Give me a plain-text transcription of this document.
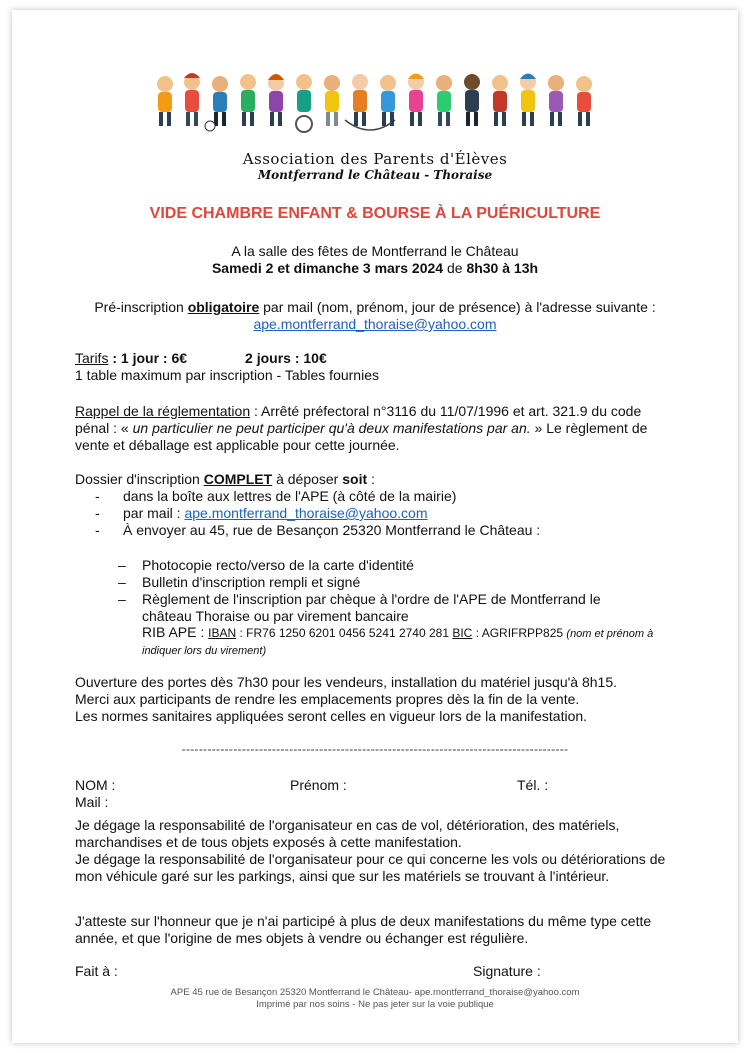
Association des Parents d'Élèves
Montferrand le Château - Thoraise
VIDE CHAMBRE ENFANT & BOURSE À LA PUÉRICULTURE
A la salle des fêtes de Montferrand le Château
Samedi 2 et dimanche 3 mars 2024 de 8h30 à 13h
Pré-inscription obligatoire par mail (nom, prénom, jour de présence) à l'adresse suivante :
ape.montferrand_thoraise@yahoo.com
Tarifs : 1 jour : 6€	2 jours : 10€
1 table maximum par inscription - Tables fournies

Rappel de la réglementation : Arrêté préfectoral n°3116 du 11/07/1996 et art. 321.9 du code pénal : « un particulier ne peut participer qu'à deux manifestations par an. » Le règlement de vente et déballage est applicable pour cette journée.

Dossier d'inscription COMPLET à déposer soit :
-	dans la boîte aux lettres de l'APE (à côté de la mairie)
-	par mail : ape.montferrand_thoraise@yahoo.com
-	À envoyer au 45, rue de Besançon 25320 Montferrand le Château :
–	Photocopie recto/verso de la carte d'identité
–	Bulletin d'inscription rempli et signé
–	Règlement de l'inscription par chèque à l'ordre de l'APE de Montferrand le château Thoraise ou par virement bancaire
RIB APE : IBAN : FR76 1250 6201 0456 5241 2740 281 BIC : AGRIFRPP825 (nom et prénom à indiquer lors du virement)
Ouverture des portes dès 7h30 pour les vendeurs, installation du matériel jusqu'à 8h15.
Merci aux participants de rendre les emplacements propres dès la fin de la vente.
Les normes sanitaires appliquées seront celles en vigueur lors de la manifestation.
------------------------------------------------------------------------------------------
NOM :	Prénom :	Tél. :
Mail :

Je dégage la responsabilité de l'organisateur en cas de vol, détérioration, des matériels, marchandises et de tous objets exposés à cette manifestation.

Je dégage la responsabilité de l'organisateur pour ce qui concerne les vols ou détériorations de mon véhicule garé sur les parkings, ainsi que sur les matériels se trouvant à l'intérieur.

J'atteste sur l'honneur que je n'ai participé à plus de deux manifestations du même type cette année, et que l'origine de mes objets à vendre ou échanger est régulière.

Fait à :	Signature :
APE 45 rue de Besançon 25320 Montferrand le Château- ape.montferrand_thoraise@yahoo.com
Imprimé par nos soins - Ne pas jeter sur la voie publique
